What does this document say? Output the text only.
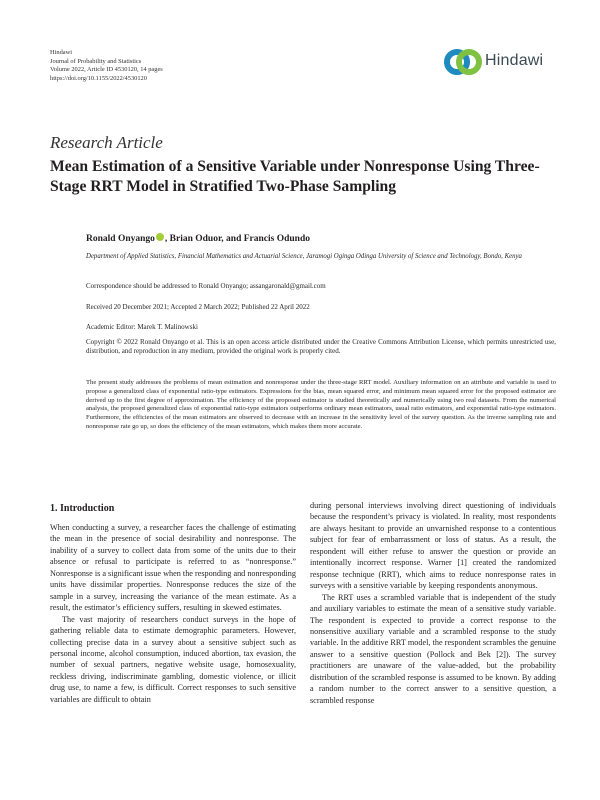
Hindawi
Journal of Probability and Statistics
Volume 2022, Article ID 4530120, 14 pages
https://doi.org/10.1155/2022/4530120
Hindawi
Research Article
Mean Estimation of a Sensitive Variable under Nonresponse Using Three-Stage RRT Model in Stratified Two-Phase Sampling
Ronald Onyango , Brian Oduor, and Francis Odundo
Department of Applied Statistics, Financial Mathematics and Actuarial Science, Jaramogi Oginga Odinga University of Science and Technology, Bondo, Kenya
Correspondence should be addressed to Ronald Onyango; assangaronald@gmail.com
Received 20 December 2021; Accepted 2 March 2022; Published 22 April 2022
Academic Editor: Marek T. Malinowski
Copyright © 2022 Ronald Onyango et al. This is an open access article distributed under the Creative Commons Attribution License, which permits unrestricted use, distribution, and reproduction in any medium, provided the original work is properly cited.
The present study addresses the problems of mean estimation and nonresponse under the three-stage RRT model. Auxiliary information on an attribute and variable is used to propose a generalized class of exponential ratio-type estimators. Expressions for the bias, mean squared error, and minimum mean squared error for the proposed estimator are derived up to the first degree of approximation. The efficiency of the proposed estimator is studied theoretically and numerically using two real datasets. From the numerical analysis, the proposed generalized class of exponential ratio-type estimators outperforms ordinary mean estimators, usual ratio estimators, and exponential ratio-type estimators. Furthermore, the efficiencies of the mean estimators are observed to decrease with an increase in the sensitivity level of the survey question. As the inverse sampling rate and nonresponse rate go up, so does the efficiency of the mean estimators, which makes them more accurate.
1. Introduction

When conducting a survey, a researcher faces the challenge of estimating the mean in the presence of social desirability and nonresponse. The inability of a survey to collect data from some of the units due to their absence or refusal to participate is referred to as “nonresponse.” Nonresponse is a significant issue when the responding and nonresponding units have dissimilar properties. Nonresponse reduces the size of the sample in a survey, increasing the variance of the mean estimate. As a result, the estimator’s efficiency suffers, resulting in skewed estimates.

The vast majority of researchers conduct surveys in the hope of gathering reliable data to estimate demographic parameters. However, collecting precise data in a survey about a sensitive subject such as personal income, alcohol consumption, induced abortion, tax evasion, the number of sexual partners, negative website usage, homosexuality, reckless driving, indiscriminate gambling, domestic violence, or illicit drug use, to name a few, is difficult. Correct responses to such sensitive variables are difficult to obtain

during personal interviews involving direct questioning of individuals because the respondent’s privacy is violated. In reality, most respondents are always hesitant to provide an unvarnished response to a contentious subject for fear of embarrassment or loss of status. As a result, the respondent will either refuse to answer the question or provide an intentionally incorrect response. Warner [1] created the randomized response technique (RRT), which aims to reduce nonresponse rates in surveys with a sensitive variable by keeping respondents anonymous.

The RRT uses a scrambled variable that is independent of the study and auxiliary variables to estimate the mean of a sensitive study variable. The respondent is expected to provide a correct response to the nonsensitive auxiliary variable and a scrambled response to the study variable. In the additive RRT model, the respondent scrambles the genuine answer to a sensitive question (Pollock and Bek [2]). The survey practitioners are unaware of the value-added, but the probability distribution of the scrambled response is assumed to be known. By adding a random number to the correct answer to a sensitive question, a scrambled response
